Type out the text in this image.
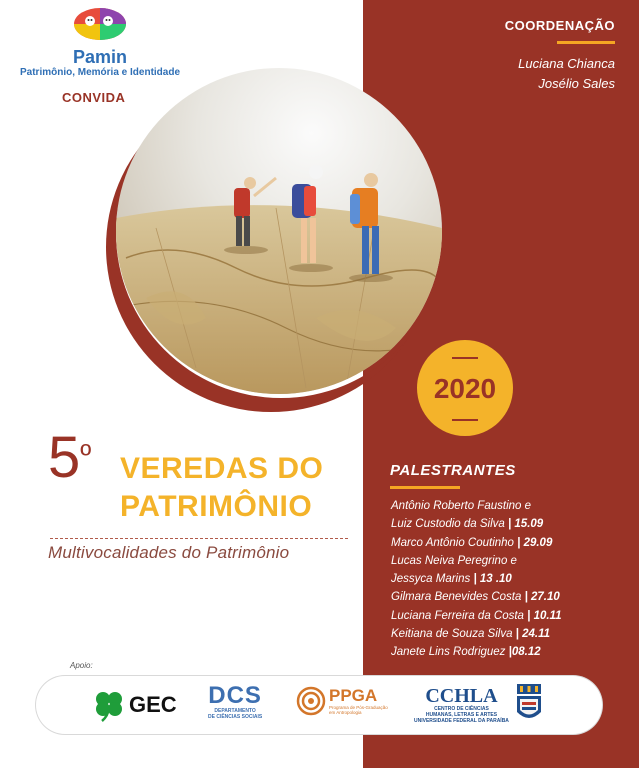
Pamin
Patrimônio, Memória e Identidade
CONVIDA
COORDENAÇÃO
Luciana Chianca
Josélio Sales
2020
$5^º$ VEREDAS DO
PATRIMÔNIO
Multivocalidades do Patrimônio
PALESTRANTES
Antônio Roberto Faustino e
Luiz Custodio da Silva | 15.09
Marco Antônio Coutinho | 29.09
Lucas Neiva Peregrino e
Jessyca Marins | 13 .10
Gilmara Benevides Costa | 27.10
Luciana Ferreira da Costa | 10.11
Keitiana de Souza Silva | 24.11
Janete Lins Rodriguez |08.12
Apoio:
GEC DCS
DEPARTAMENTO
DE CIÊNCIAS SOCIAIS
PPGA
Programa de Pós-Graduação
em Antropologia
CCHLA
CENTRO DE CIÊNCIAS
HUMANAS, LETRAS E ARTES
UNIVERSIDADE FEDERAL DA PARAÍBA
